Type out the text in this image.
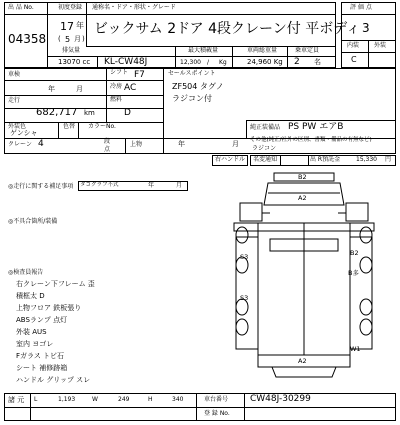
出 品 No.
04358
初度登録 通称名・ドア・形状・グレード
17 年
( 5 月 )
ビックサム 2ドア 4段クレーン付 平ボディ
排気量	最大積載量	車両総重量	乗車定員
13070 cc KL-CW48J	12,300 / Kg	24,960 Kg 2 名
評 価 点
3
内装 外装
C
車検
年	月
シフト F7
冷房 AC
走行
682,717 km
燃料
D
外装色
ゲンシャ
色替 カラーNo.
クレーン 4	段
点
上物	年	月
セールスポイント
ZF504 タグノ
ラジコン付
純正装備品 PS PW エアB
その他(純正/社外の区別、書類・備品の有無など)
ラジコン
右ハンドル 名変通知	出 R預託金	15,330 円
◎走行に関する補足事項 タコグラフ不式	年	月
◎不具合箇所/装備
◎検査員報告
右クレーン下フレーム 歪
積框太 D
上物フロア 鉄板張り
ABSランプ 点灯
外装 AUS
室内 ヨゴレ
Fガラス トビ石
シート 補修跡箱
ハンドル グリップ スレ
B2
A2
S3	B2
S3
B多
A2
W1
諸 元 L	1,193	W	249	H	340	車台番号 CW48J-30299
登 録 No.
